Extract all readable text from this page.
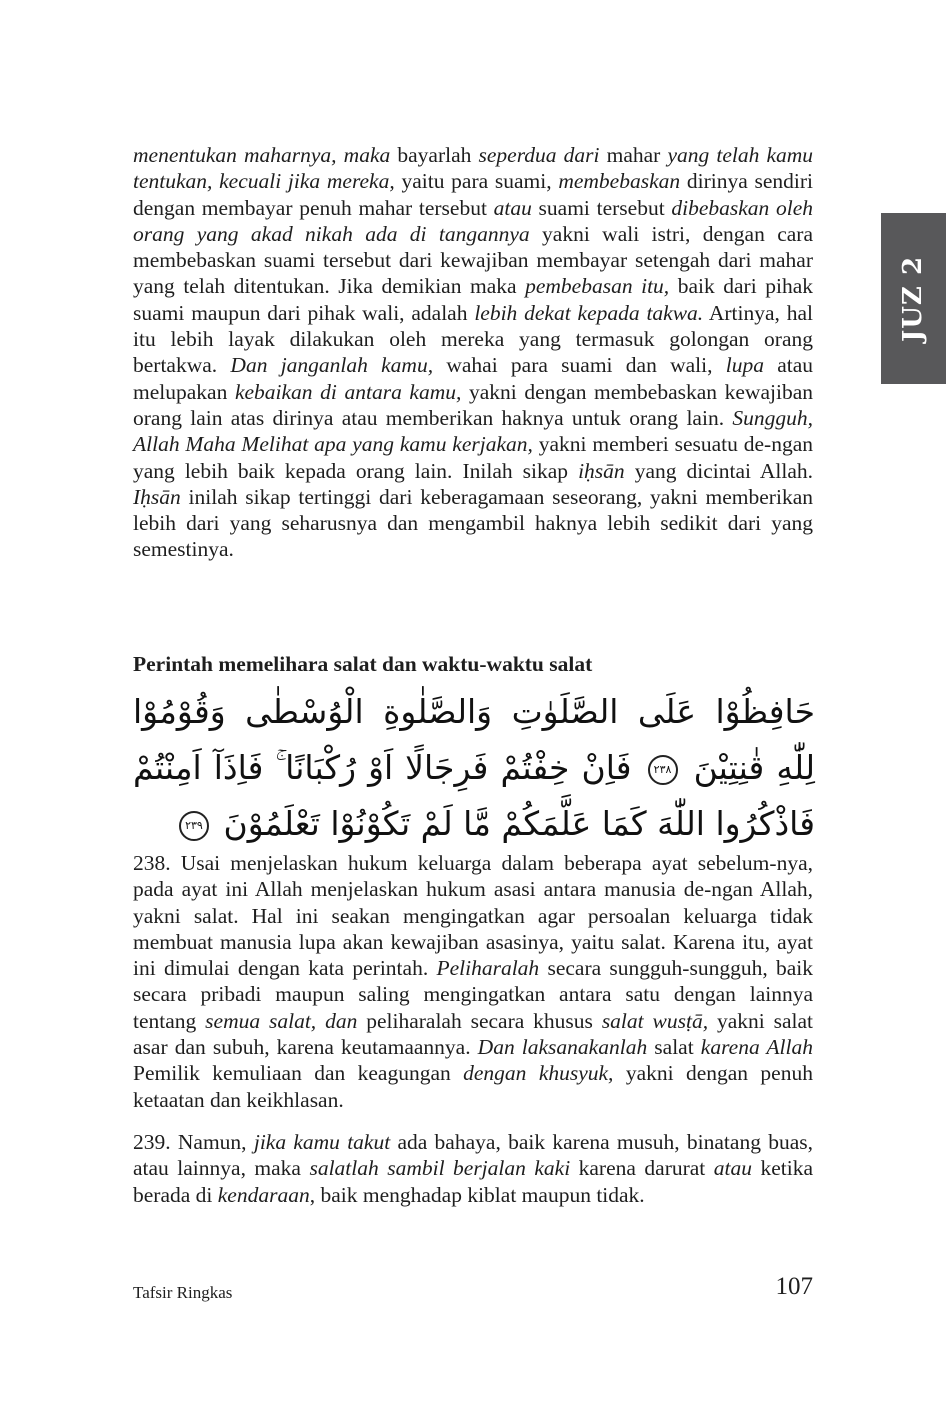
JUZ 2

menentukan maharnya, maka bayarlah seperdua dari mahar yang telah kamu tentukan, kecuali jika mereka, yaitu para suami, membebaskan dirinya sendiri dengan membayar penuh mahar tersebut atau suami tersebut dibebaskan oleh orang yang akad nikah ada di tangannya yakni wali istri, dengan cara membebaskan suami tersebut dari kewajiban membayar setengah dari mahar yang telah ditentukan. Jika demikian maka pembebasan itu, baik dari pihak suami maupun dari pihak wali, adalah lebih dekat kepada takwa. Artinya, hal itu lebih layak dilakukan oleh mereka yang termasuk golongan orang bertakwa. Dan janganlah kamu, wahai para suami dan wali, lupa atau melupakan kebaikan di antara kamu, yakni dengan membebaskan kewajiban orang lain atas dirinya atau memberikan haknya untuk orang lain. Sungguh, Allah Maha Melihat apa yang kamu kerjakan, yakni memberi sesuatu de-ngan yang lebih baik kepada orang lain. Inilah sikap iḥsān yang dicintai Allah. Iḥsān inilah sikap tertinggi dari keberagamaan seseorang, yakni memberikan lebih dari yang seharusnya dan mengambil haknya lebih sedikit dari yang semestinya.

Perintah memelihara salat dan waktu-waktu salat
حَافِظُوْا عَلَى الصَّلَوٰتِ وَالصَّلٰوةِ الْوُسْطٰى وَقُوْمُوْا لِلّٰهِ قٰنِتِيْنَ ٢٣٨ فَاِنْ خِفْتُمْ فَرِجَالًا اَوْ رُكْبَانًا ۚ فَاِذَآ اَمِنْتُمْ فَاذْكُرُوا اللّٰهَ كَمَا عَلَّمَكُمْ مَّا لَمْ تَكُوْنُوْا تَعْلَمُوْنَ ٢٣٩

238. Usai menjelaskan hukum keluarga dalam beberapa ayat sebelum-nya, pada ayat ini Allah menjelaskan hukum asasi antara manusia de-ngan Allah, yakni salat. Hal ini seakan mengingatkan agar persoalan keluarga tidak membuat manusia lupa akan kewajiban asasinya, yaitu salat. Karena itu, ayat ini dimulai dengan kata perintah. Peliharalah secara sungguh-sungguh, baik secara pribadi maupun saling mengingatkan antara satu dengan lainnya tentang semua salat, dan peliharalah secara khusus salat wusṭā, yakni salat asar dan subuh, karena keutamaannya. Dan laksanakanlah salat karena Allah Pemilik kemuliaan dan keagungan dengan khusyuk, yakni dengan penuh ketaatan dan keikhlasan.

239. Namun, jika kamu takut ada bahaya, baik karena musuh, binatang buas, atau lainnya, maka salatlah sambil berjalan kaki karena darurat atau ketika berada di kendaraan, baik menghadap kiblat maupun tidak.

Tafsir Ringkas	107
